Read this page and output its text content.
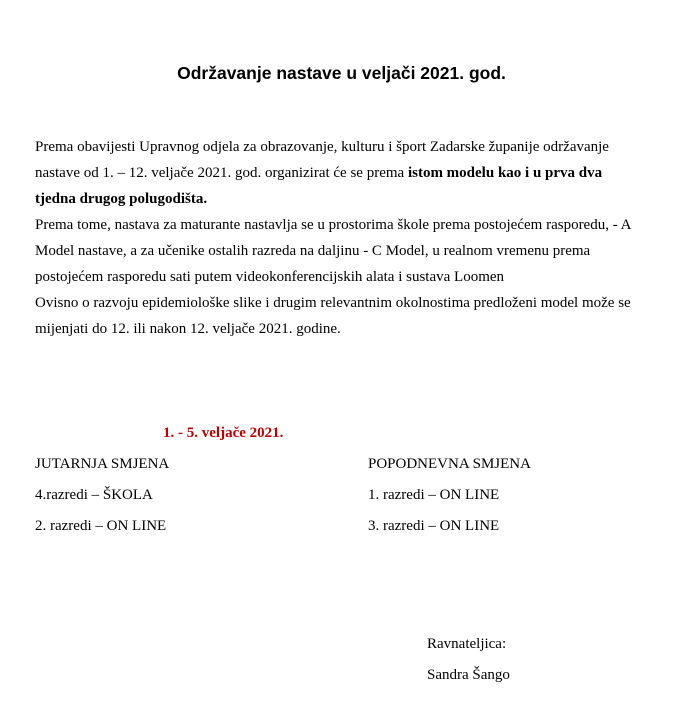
Održavanje nastave u veljači 2021. god.

Prema obavijesti Upravnog odjela za obrazovanje, kulturu i šport Zadarske županije održavanje nastave od 1. – 12. veljače 2021. god. organizirat će se prema istom modelu kao i u prva dva tjedna drugog polugodišta.

Prema tome, nastava za maturante nastavlja se u prostorima škole prema postojećem rasporedu, - A Model nastave, a za učenike ostalih razreda na daljinu - C Model, u realnom vremenu prema postojećem rasporedu sati putem videokonferencijskih alata i sustava Loomen

Ovisno o razvoju epidemiološke slike i drugim relevantnim okolnostima predloženi model može se mijenjati do 12. ili nakon 12. veljače 2021. godine.

1. - 5. veljače 2021.
JUTARNJA SMJENA
4.razredi – ŠKOLA
2. razredi – ON LINE
POPODNEVNA SMJENA
1. razredi – ON LINE
3. razredi – ON LINE
Ravnateljica:
Sandra Šango
